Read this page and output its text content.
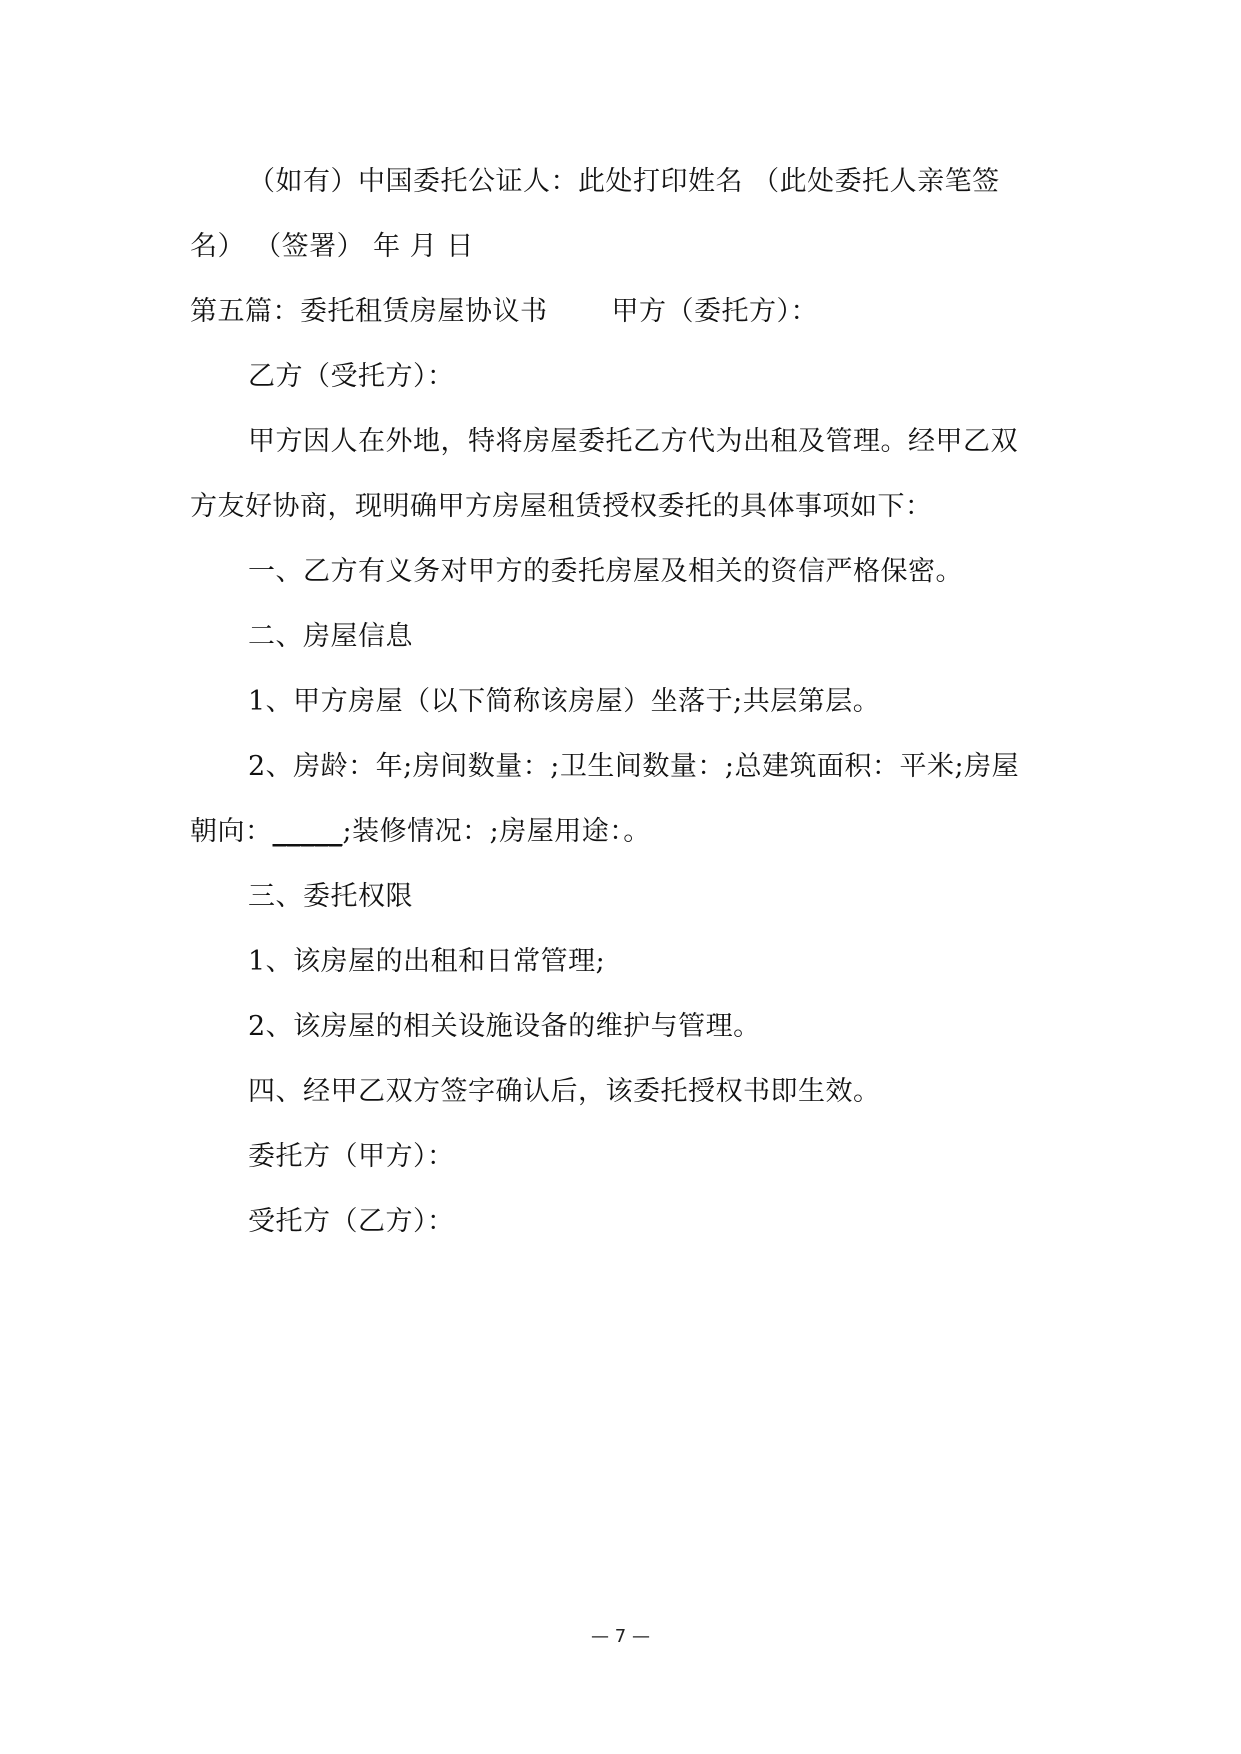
（如有）中国委托公证人：此处打印姓名 （此处委托人亲笔签
名） （签署） 年 月 日
第五篇：委托租赁房屋协议书 甲方（委托方）：
乙方（受托方）：
甲方因人在外地，特将房屋委托乙方代为出租及管理。经甲乙双
方友好协商，现明确甲方房屋租赁授权委托的具体事项如下：
一、乙方有义务对甲方的委托房屋及相关的资信严格保密。
二、房屋信息
1、甲方房屋（以下简称该房屋）坐落于;共层第层。
2、房龄：年;房间数量：;卫生间数量：;总建筑面积：平米;房屋
朝向：_____;装修情况：;房屋用途：。
三、委托权限
1、该房屋的出租和日常管理;
2、该房屋的相关设施设备的维护与管理。
四、经甲乙双方签字确认后，该委托授权书即生效。
委托方（甲方）：
受托方（乙方）：
— 7 —
